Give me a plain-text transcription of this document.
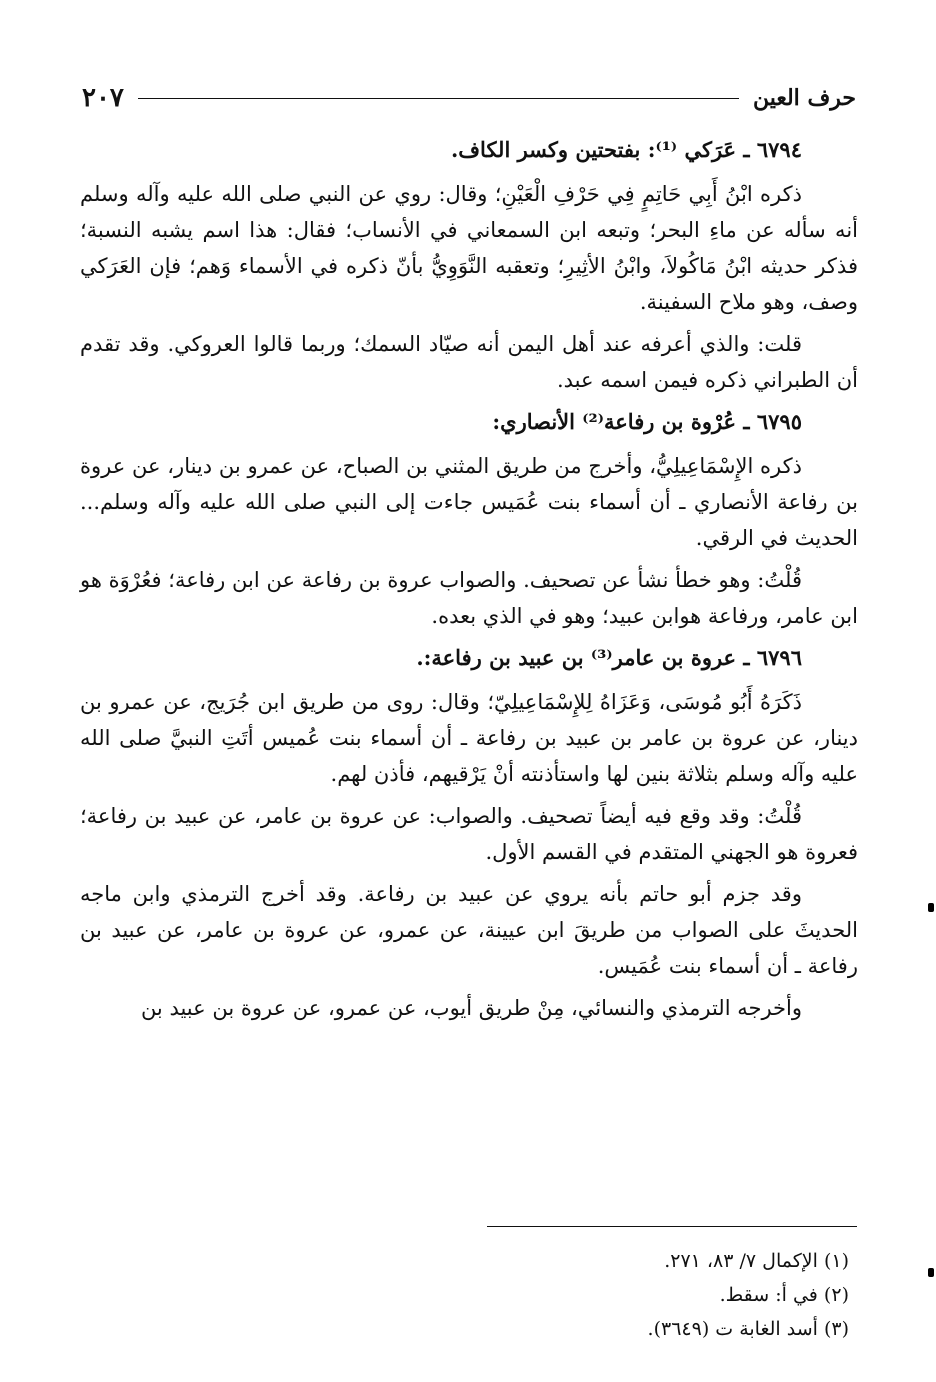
٢٠٧	حرف العين

٦٧٩٤ ـ عَرَكي ⁽¹⁾: بفتحتين وكسر الكاف.

ذكره ابْنُ أَبِي حَاتِمٍ فِي حَرْفِ الْعَيْنِ؛ وقال: روي عن النبي صلى الله عليه وآله وسلم أنه سأله عن ماءِ البحر؛ وتبعه ابن السمعاني في الأنساب؛ فقال: هذا اسم يشبه النسبة؛ فذكر حديثه ابْنُ مَاكُولاَ، وابْنُ الأثِيرِ؛ وتعقبه النَّوَوِيُّ بأنّ ذكره في الأسماء وَهم؛ فإن العَرَكي وصف، وهو ملاح السفينة.

قلت: والذي أعرفه عند أهل اليمن أنه صيّاد السمك؛ وربما قالوا العروكي. وقد تقدم أن الطبراني ذكره فيمن اسمه عبد.

٦٧٩٥ ـ عُرْوة بن رفاعة⁽²⁾ الأنصاري:

ذكره الإِسْمَاعِيلِيُّ، وأخرج من طريق المثني بن الصباح، عن عمرو بن دينار، عن عروة بن رفاعة الأنصاري ـ أن أسماء بنت عُمَيس جاءت إلى النبي صلى الله عليه وآله وسلم... الحديث في الرقي.

قُلْتُ: وهو خطأ نشأ عن تصحيف. والصواب عروة بن رفاعة عن ابن رفاعة؛ فعُرْوَة هو ابن عامر، ورفاعة هوابن عبيد؛ وهو في الذي بعده.

٦٧٩٦ ـ عروة بن عامر⁽³⁾ بن عبيد بن رفاعة:.

ذَكَرَهُ أَبُو مُوسَى، وَعَزَاهُ لِلإِسْمَاعِيلِيّ؛ وقال: روى من طريق ابن جُرَيج، عن عمرو بن دينار، عن عروة بن عامر بن عبيد بن رفاعة ـ أن أسماء بنت عُميس أتَتِ النبيَّ صلى الله عليه وآله وسلم بثلاثة بنين لها واستأذنته أنْ يَرْقيهم، فأذن لهم.

قُلْتُ: وقد وقع فيه أيضاً تصحيف. والصواب: عن عروة بن عامر، عن عبيد بن رفاعة؛ فعروة هو الجهني المتقدم في القسم الأول.

وقد جزم أبو حاتم بأنه يروي عن عبيد بن رفاعة. وقد أخرج الترمذي وابن ماجه الحديثَ على الصواب من طريقَ ابن عيينة، عن عمرو، عن عروة بن عامر، عن عبيد بن رفاعة ـ أن أسماء بنت عُمَيس.

وأخرجه الترمذي والنسائي، مِنْ طريق أيوب، عن عمرو، عن عروة بن عبيد بن

(١) الإكمال ٧/ ٨٣، ٢٧١.

(٢) في أ: سقط.

(٣) أسد الغابة ت (٣٦٤٩).
